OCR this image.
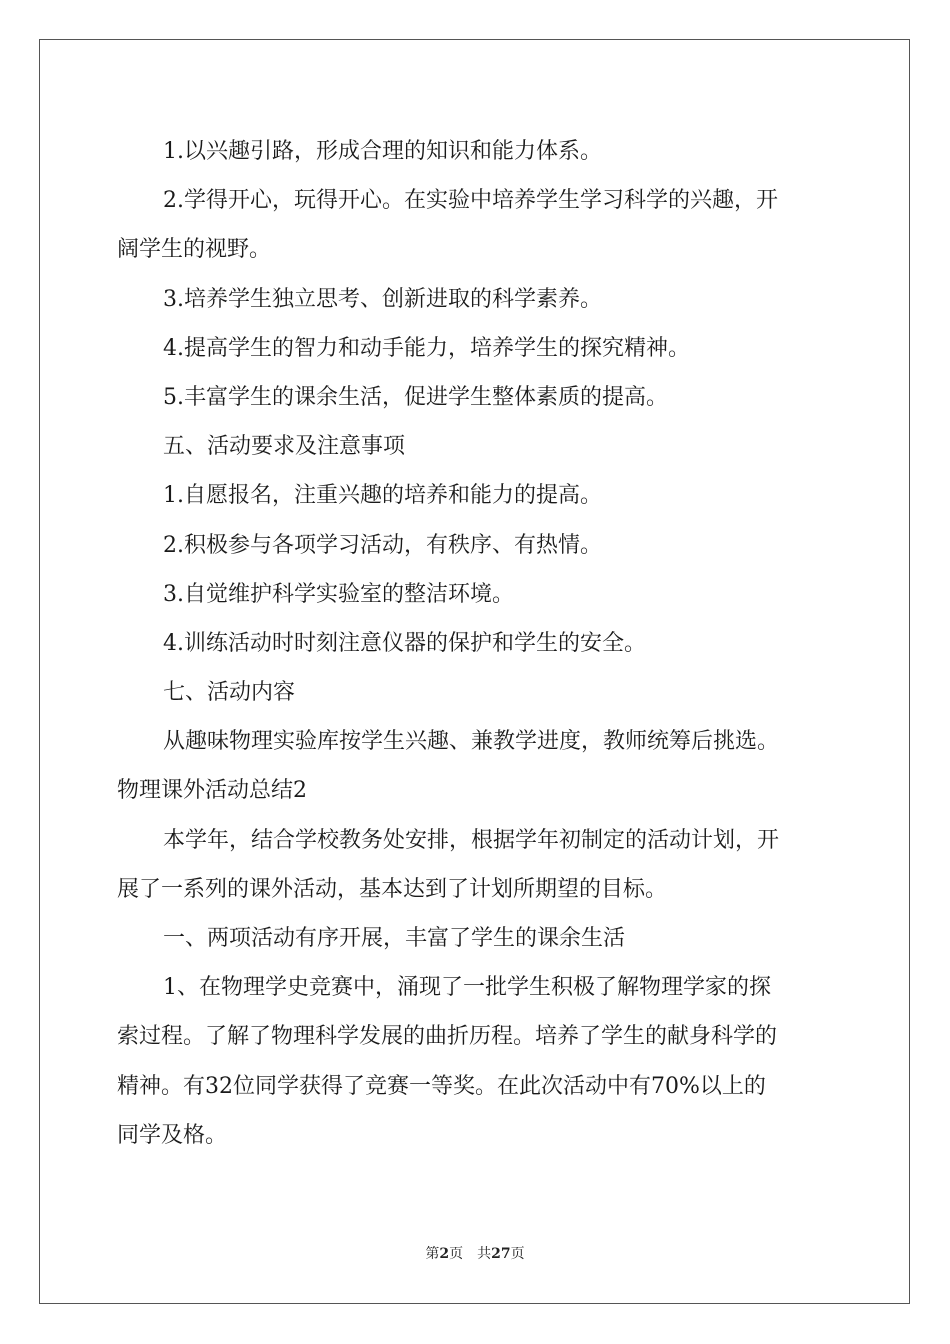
1.以兴趣引路，形成合理的知识和能力体系。
2.学得开心，玩得开心。在实验中培养学生学习科学的兴趣，开
阔学生的视野。
3.培养学生独立思考、创新进取的科学素养。
4.提高学生的智力和动手能力，培养学生的探究精神。
5.丰富学生的课余生活，促进学生整体素质的提高。
五、活动要求及注意事项
1.自愿报名，注重兴趣的培养和能力的提高。
2.积极参与各项学习活动，有秩序、有热情。
3.自觉维护科学实验室的整洁环境。
4.训练活动时时刻注意仪器的保护和学生的安全。
七、活动内容
从趣味物理实验库按学生兴趣、兼教学进度，教师统筹后挑选。
物理课外活动总结2
本学年，结合学校教务处安排，根据学年初制定的活动计划，开
展了一系列的课外活动，基本达到了计划所期望的目标。
一、两项活动有序开展，丰富了学生的课余生活
1、在物理学史竞赛中，涌现了一批学生积极了解物理学家的探
索过程。了解了物理科学发展的曲折历程。培养了学生的献身科学的
精神。有32位同学获得了竞赛一等奖。在此次活动中有70%以上的
同学及格。
第2页 共27页
